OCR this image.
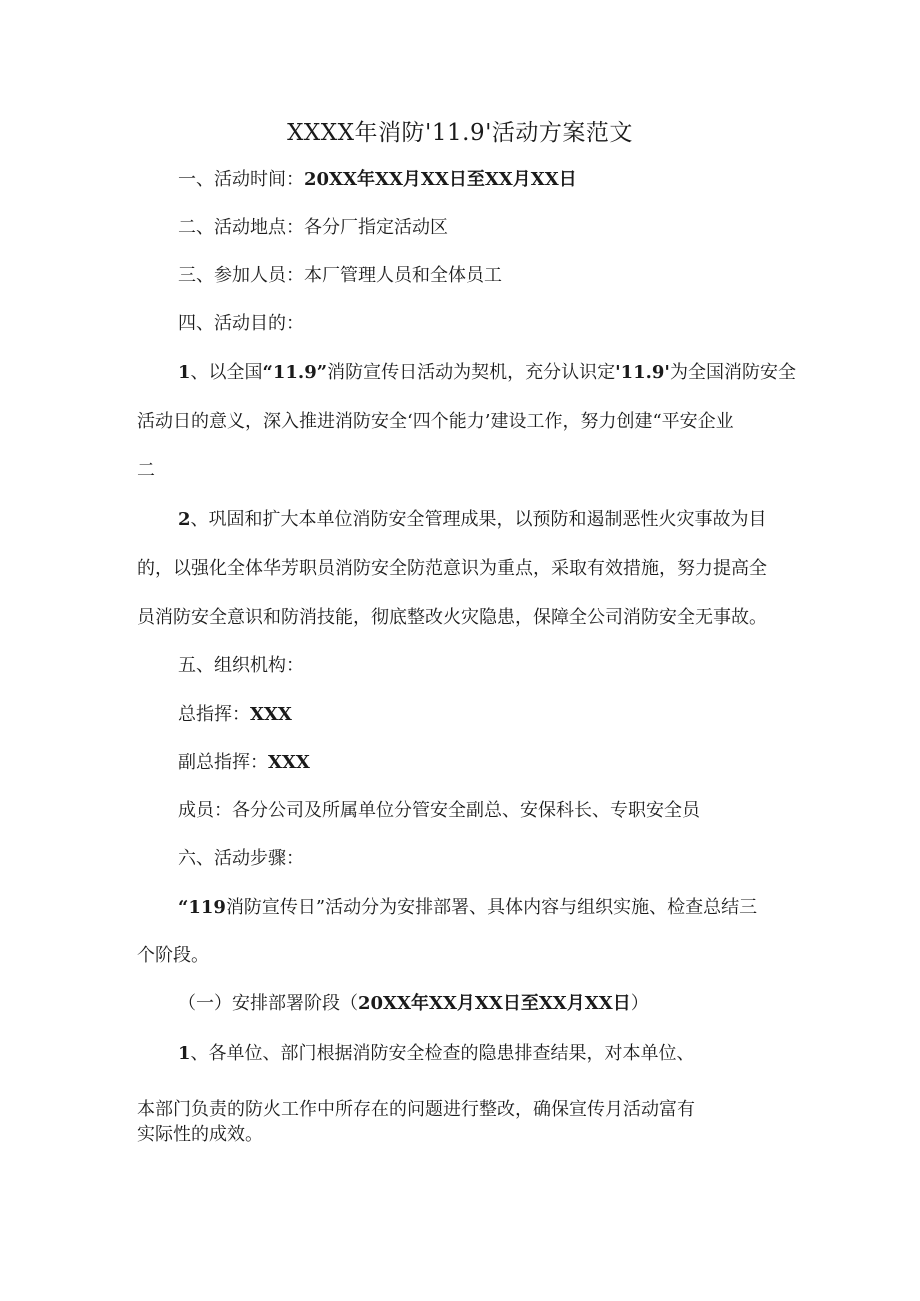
XXXX年消防'11.9'活动方案范文
一、活动时间：20XX年XX月XX日至XX月XX日
二、活动地点：各分厂指定活动区
三、参加人员：本厂管理人员和全体员工
四、活动目的：
1、以全国“11.9”消防宣传日活动为契机，充分认识定'11.9'为全国消防安全
活动日的意义，深入推进消防安全‘四个能力’建设工作，努力创建“平安企业
二
2、巩固和扩大本单位消防安全管理成果，以预防和遏制恶性火灾事故为目
的，以强化全体华芳职员消防安全防范意识为重点，采取有效措施，努力提高全
员消防安全意识和防消技能，彻底整改火灾隐患，保障全公司消防安全无事故。
五、组织机构：
总指挥：XXX
副总指挥：XXX
成员：各分公司及所属单位分管安全副总、安保科长、专职安全员
六、活动步骤：
“119消防宣传日”活动分为安排部署、具体内容与组织实施、检查总结三
个阶段。
（一）安排部署阶段（20XX年XX月XX日至XX月XX日）
1、各单位、部门根据消防安全检查的隐患排查结果，对本单位、
本部门负责的防火工作中所存在的问题进行整改，确保宣传月活动富有
实际性的成效。
